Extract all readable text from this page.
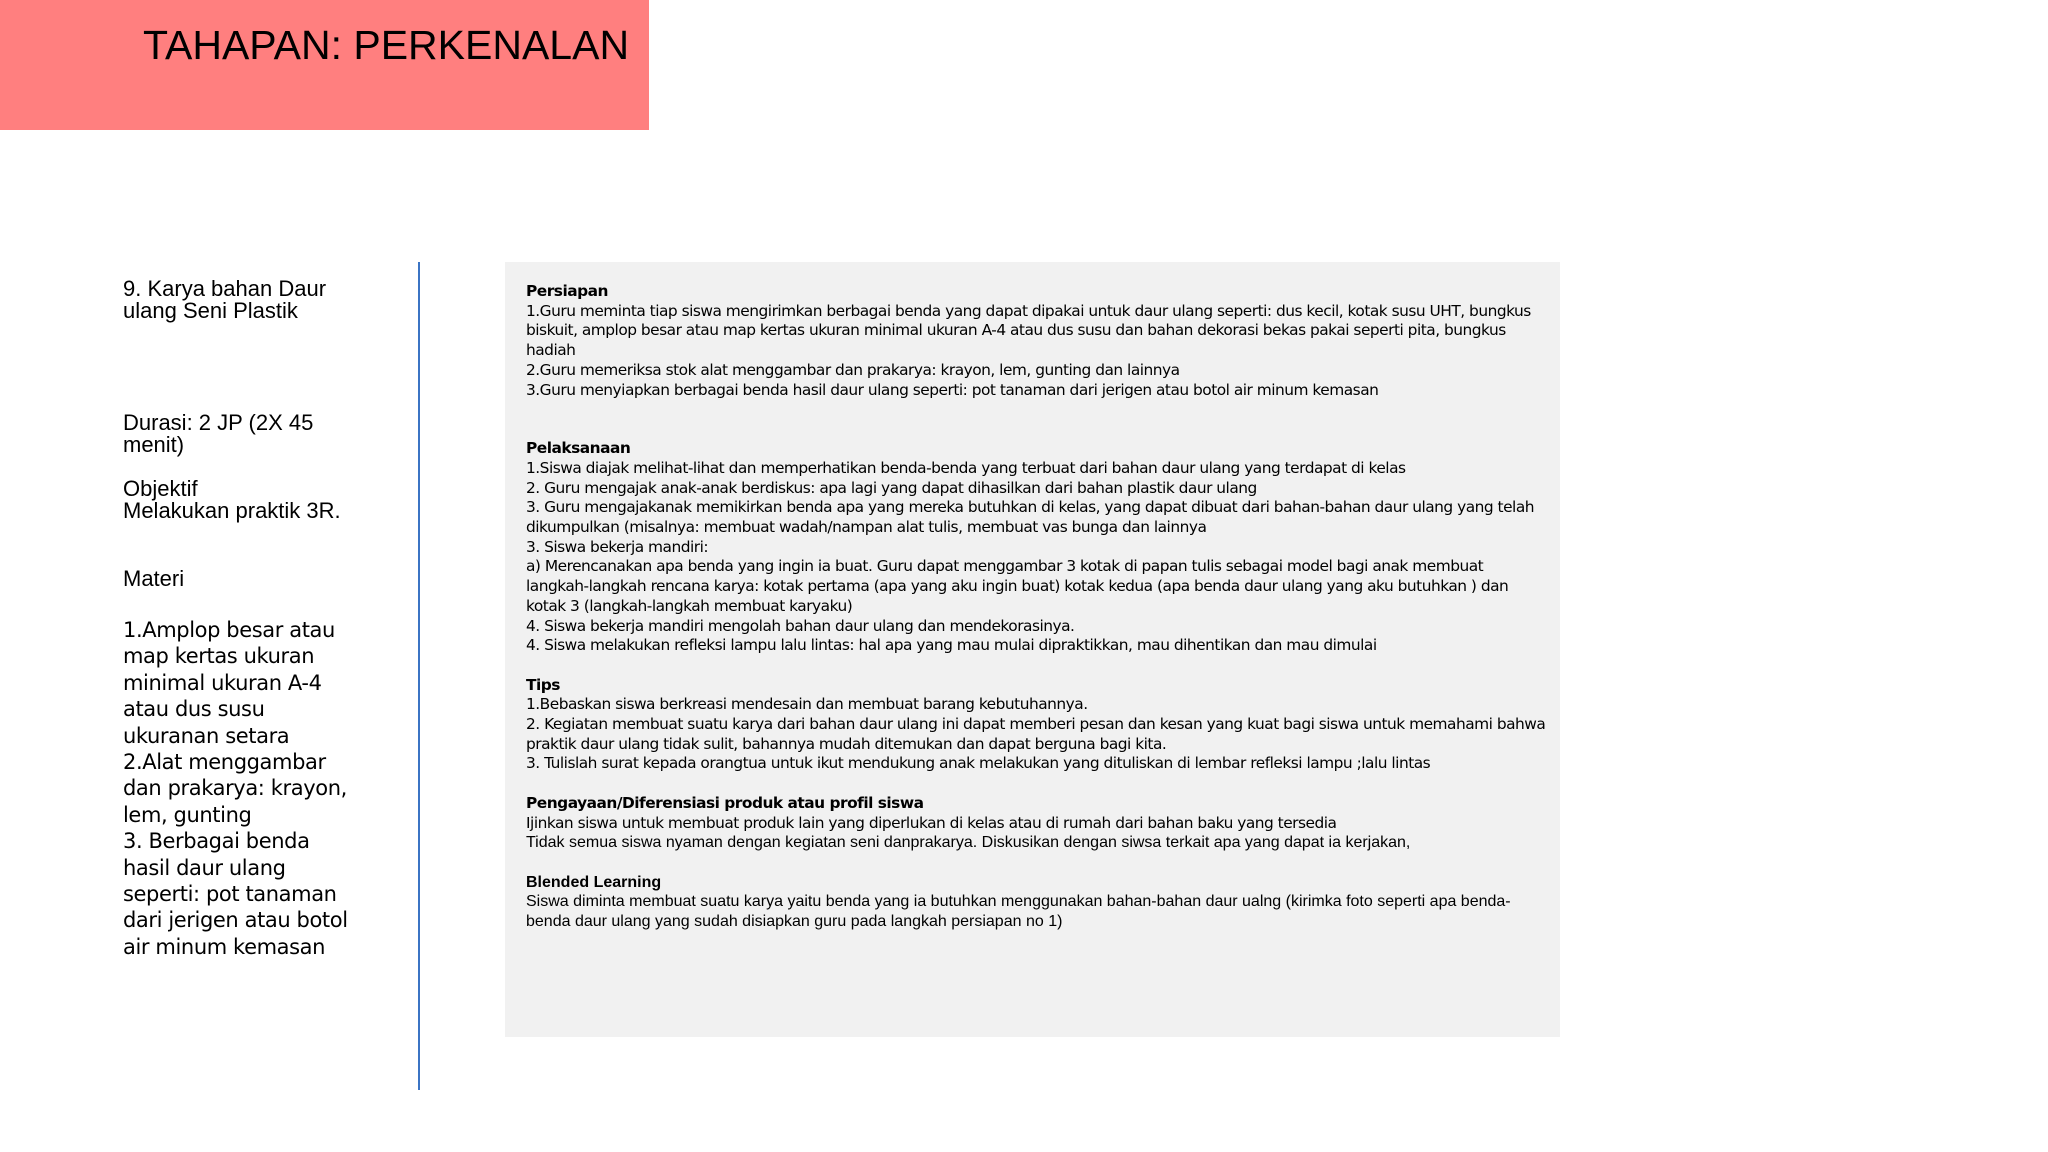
TAHAPAN: PERKENALAN
9. Karya bahan Daur ulang Seni Plastik
Durasi: 2 JP (2X 45 menit)
Objektif
Melakukan praktik 3R.
Materi
1.Amplop besar atau map kertas ukuran minimal ukuran A-4 atau dus susu ukuranan setara
2.Alat menggambar dan prakarya: krayon, lem, gunting
3. Berbagai benda hasil daur ulang seperti: pot tanaman dari jerigen atau botol air minum kemasan
Persiapan
1.Guru meminta tiap siswa mengirimkan berbagai benda yang dapat dipakai untuk daur ulang seperti: dus kecil, kotak susu UHT, bungkus biskuit, amplop besar atau map kertas ukuran minimal ukuran A-4 atau dus susu dan bahan dekorasi bekas pakai seperti pita, bungkus hadiah
2.Guru memeriksa stok alat menggambar dan prakarya: krayon, lem, gunting dan lainnya
3.Guru menyiapkan berbagai benda hasil daur ulang seperti: pot tanaman dari jerigen atau botol air minum kemasan
Pelaksanaan
1.Siswa diajak melihat-lihat dan memperhatikan benda-benda yang terbuat dari bahan daur ulang yang terdapat di kelas
2. Guru mengajak anak-anak berdiskus: apa lagi yang dapat dihasilkan dari bahan plastik daur ulang
3. Guru mengajakanak memikirkan benda apa yang mereka butuhkan di kelas, yang dapat dibuat dari bahan-bahan daur ulang yang telah dikumpulkan (misalnya: membuat wadah/nampan alat tulis, membuat vas bunga dan lainnya
3. Siswa bekerja mandiri:
a) Merencanakan apa benda yang ingin ia buat. Guru dapat menggambar 3 kotak di papan tulis sebagai model bagi anak membuat langkah-langkah rencana karya: kotak pertama (apa yang aku ingin buat) kotak kedua (apa benda daur ulang yang aku butuhkan ) dan kotak 3 (langkah-langkah membuat karyaku)
4. Siswa bekerja mandiri mengolah bahan daur ulang dan mendekorasinya.
4. Siswa melakukan refleksi lampu lalu lintas: hal apa yang mau mulai dipraktikkan, mau dihentikan dan mau dimulai
Tips
1.Bebaskan siswa berkreasi mendesain dan membuat barang kebutuhannya.
2. Kegiatan membuat suatu karya dari bahan daur ulang ini dapat memberi pesan dan kesan yang kuat bagi siswa untuk memahami bahwa praktik daur ulang tidak sulit, bahannya mudah ditemukan dan dapat berguna bagi kita.
3. Tulislah surat kepada orangtua untuk ikut mendukung anak melakukan yang dituliskan di lembar refleksi lampu ;lalu lintas
Pengayaan/Diferensiasi produk atau profil siswa
Ijinkan siswa untuk membuat produk lain yang diperlukan di kelas atau di rumah dari bahan baku yang tersedia
Tidak semua siswa nyaman dengan kegiatan seni danprakarya. Diskusikan dengan siwsa terkait apa yang dapat ia kerjakan,
Blended Learning
Siswa diminta membuat suatu karya yaitu benda yang ia butuhkan menggunakan bahan-bahan daur ualng (kirimka foto seperti apa benda-benda daur ulang yang sudah disiapkan guru pada langkah persiapan no 1)
